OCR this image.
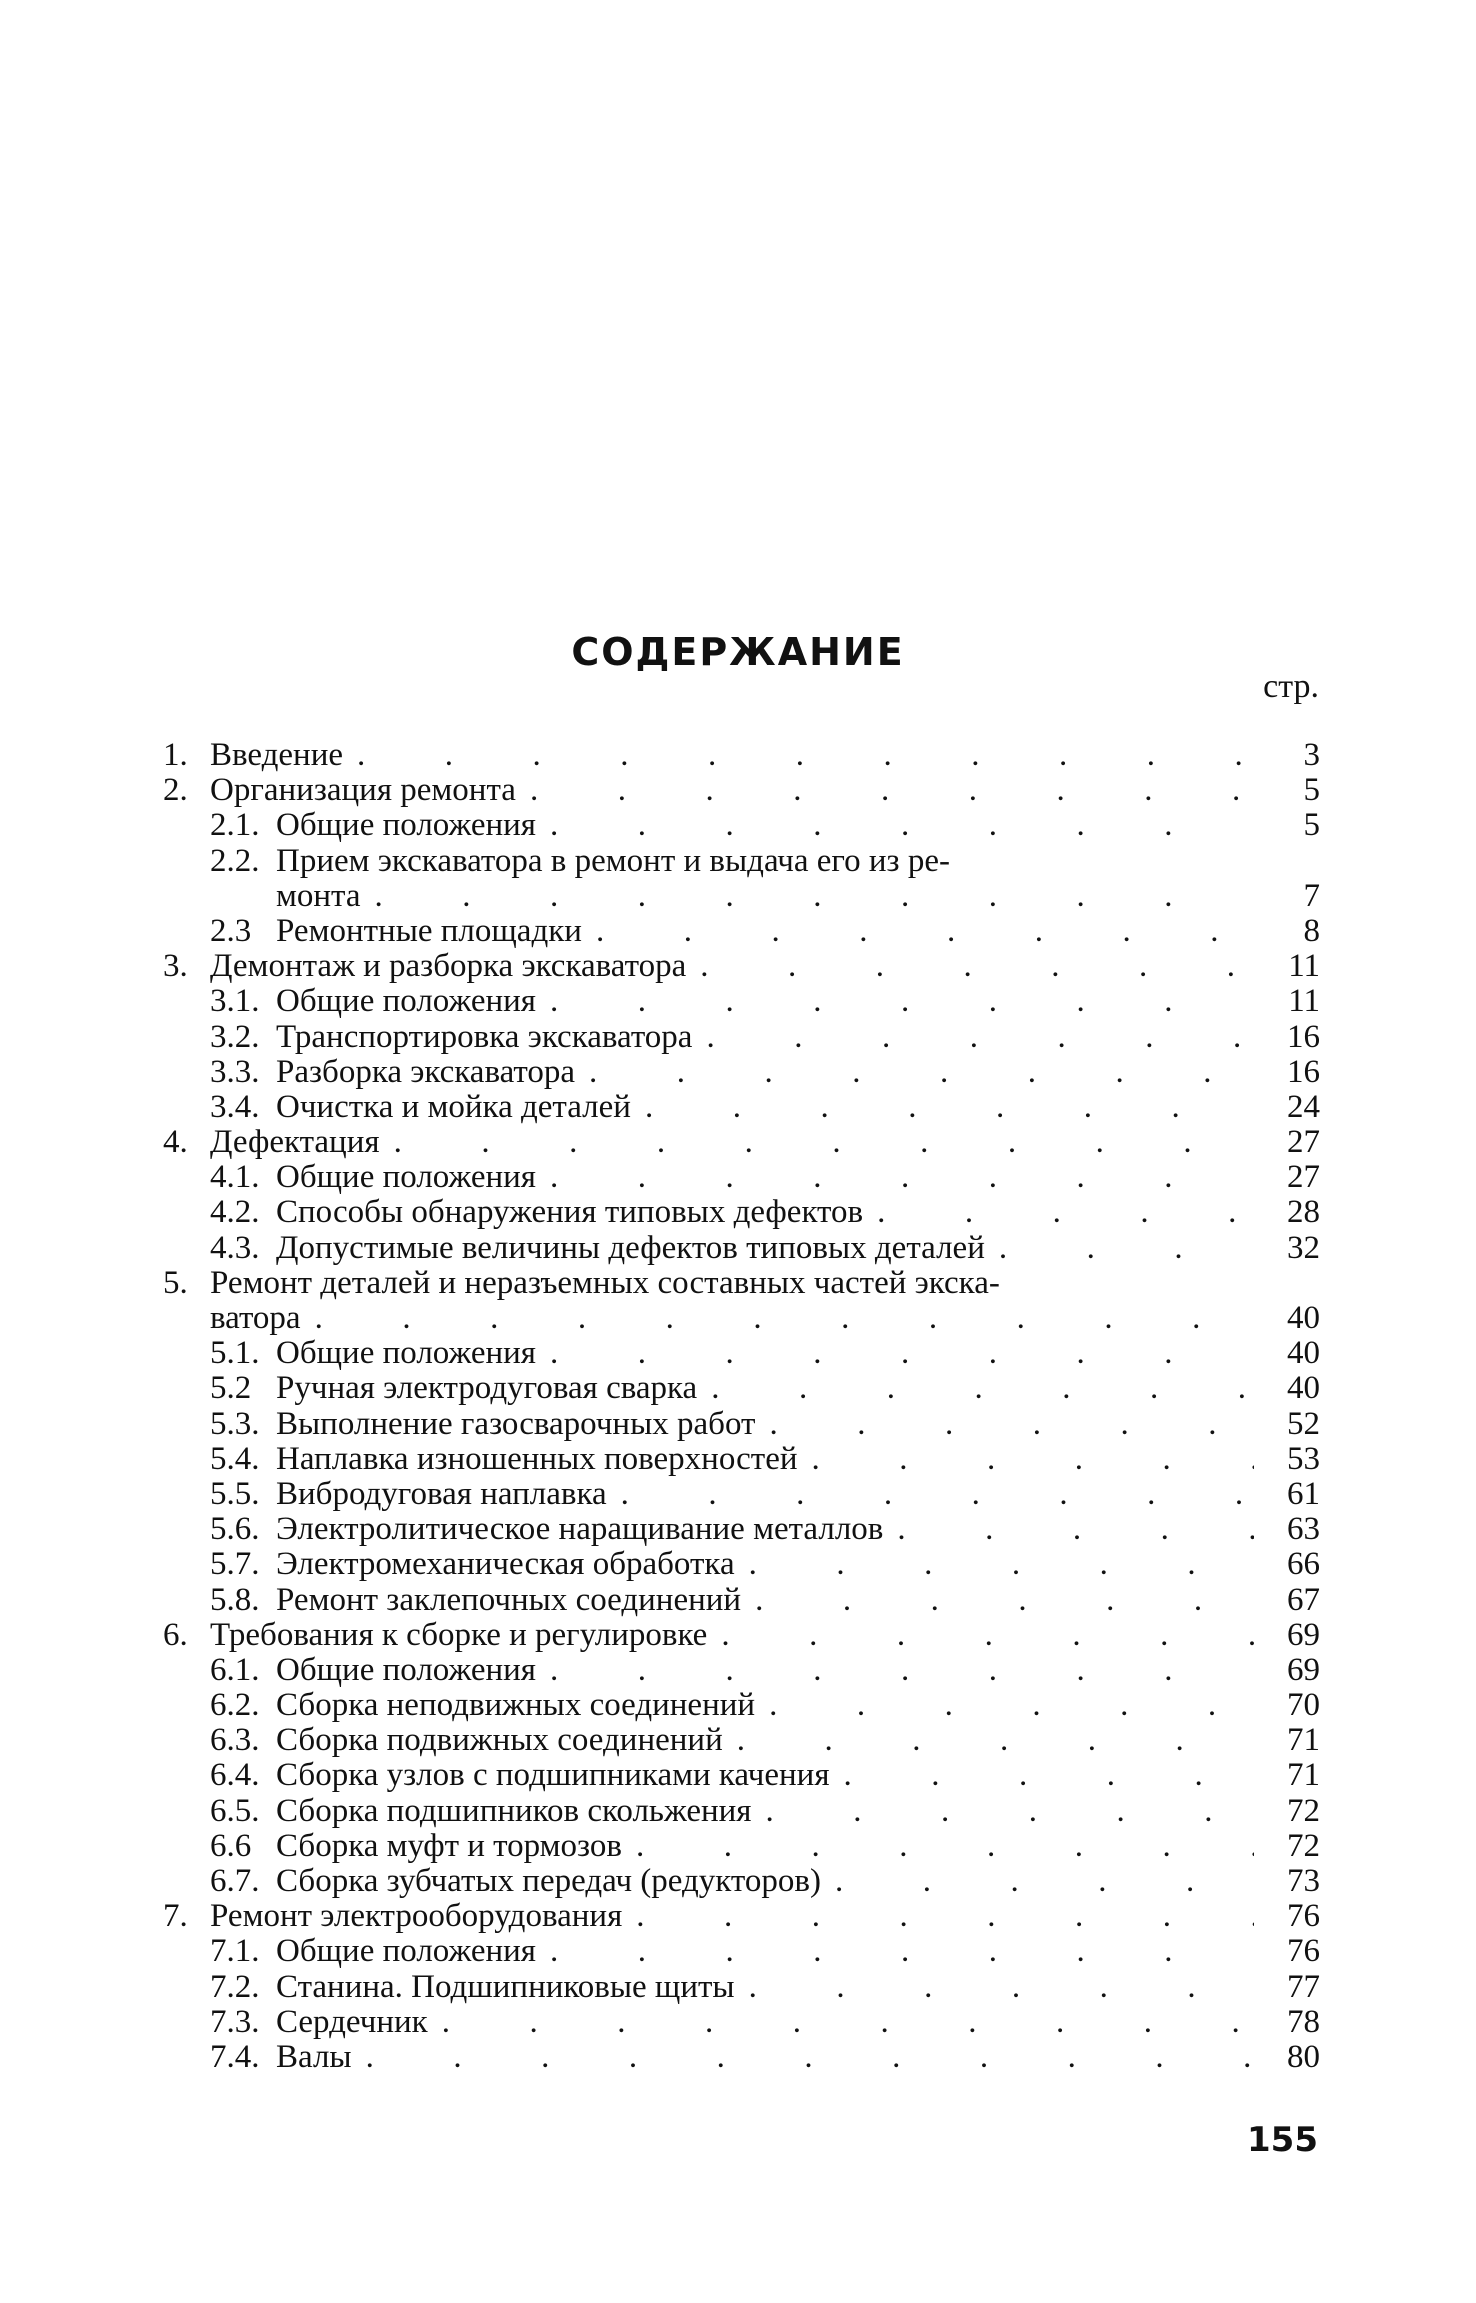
СОДЕРЖАНИЕ
стр.
1. Введение .	3
2. Организация ремонта .	5
2.1. Общие положения .	5
2.2. Прием экскаватора в ремонт и выдача его из ре-
монта .	7
2.3 Ремонтные площадки .	8
3. Демонтаж и разборка экскаватора .	11
3.1. Общие положения .	11
3.2. Транспортировка экскаватора .	16
3.3. Разборка экскаватора .	16
3.4. Очистка и мойка деталей .	24
4. Дефектация .	27
4.1. Общие положения .	27
4.2. Способы обнаружения типовых дефектов .	28
4.3. Допустимые величины дефектов типовых деталей .	32
5. Ремонт деталей и неразъемных составных частей экска-
ватора .	40
5.1. Общие положения .	40
5.2 Ручная электродуговая сварка .	40
5.3. Выполнение газосварочных работ .	52
5.4. Наплавка изношенных поверхностей .	53
5.5. Вибродуговая наплавка .	61
5.6. Электролитическое наращивание металлов .	63
5.7. Электромеханическая обработка .	66
5.8. Ремонт заклепочных соединений .	67
6. Требования к сборке и регулировке .	69
6.1. Общие положения .	69
6.2. Сборка неподвижных соединений .	70
6.3. Сборка подвижных соединений .	71
6.4. Сборка узлов с подшипниками качения .	71
6.5. Сборка подшипников скольжения .	72
6.6 Сборка муфт и тормозов .	72
6.7. Сборка зубчатых передач (редукторов) .	73
7. Ремонт электрооборудования .	76
7.1. Общие положения .	76
7.2. Станина. Подшипниковые щиты .	77
7.3. Сердечник .	78
7.4. Валы .	80
155
